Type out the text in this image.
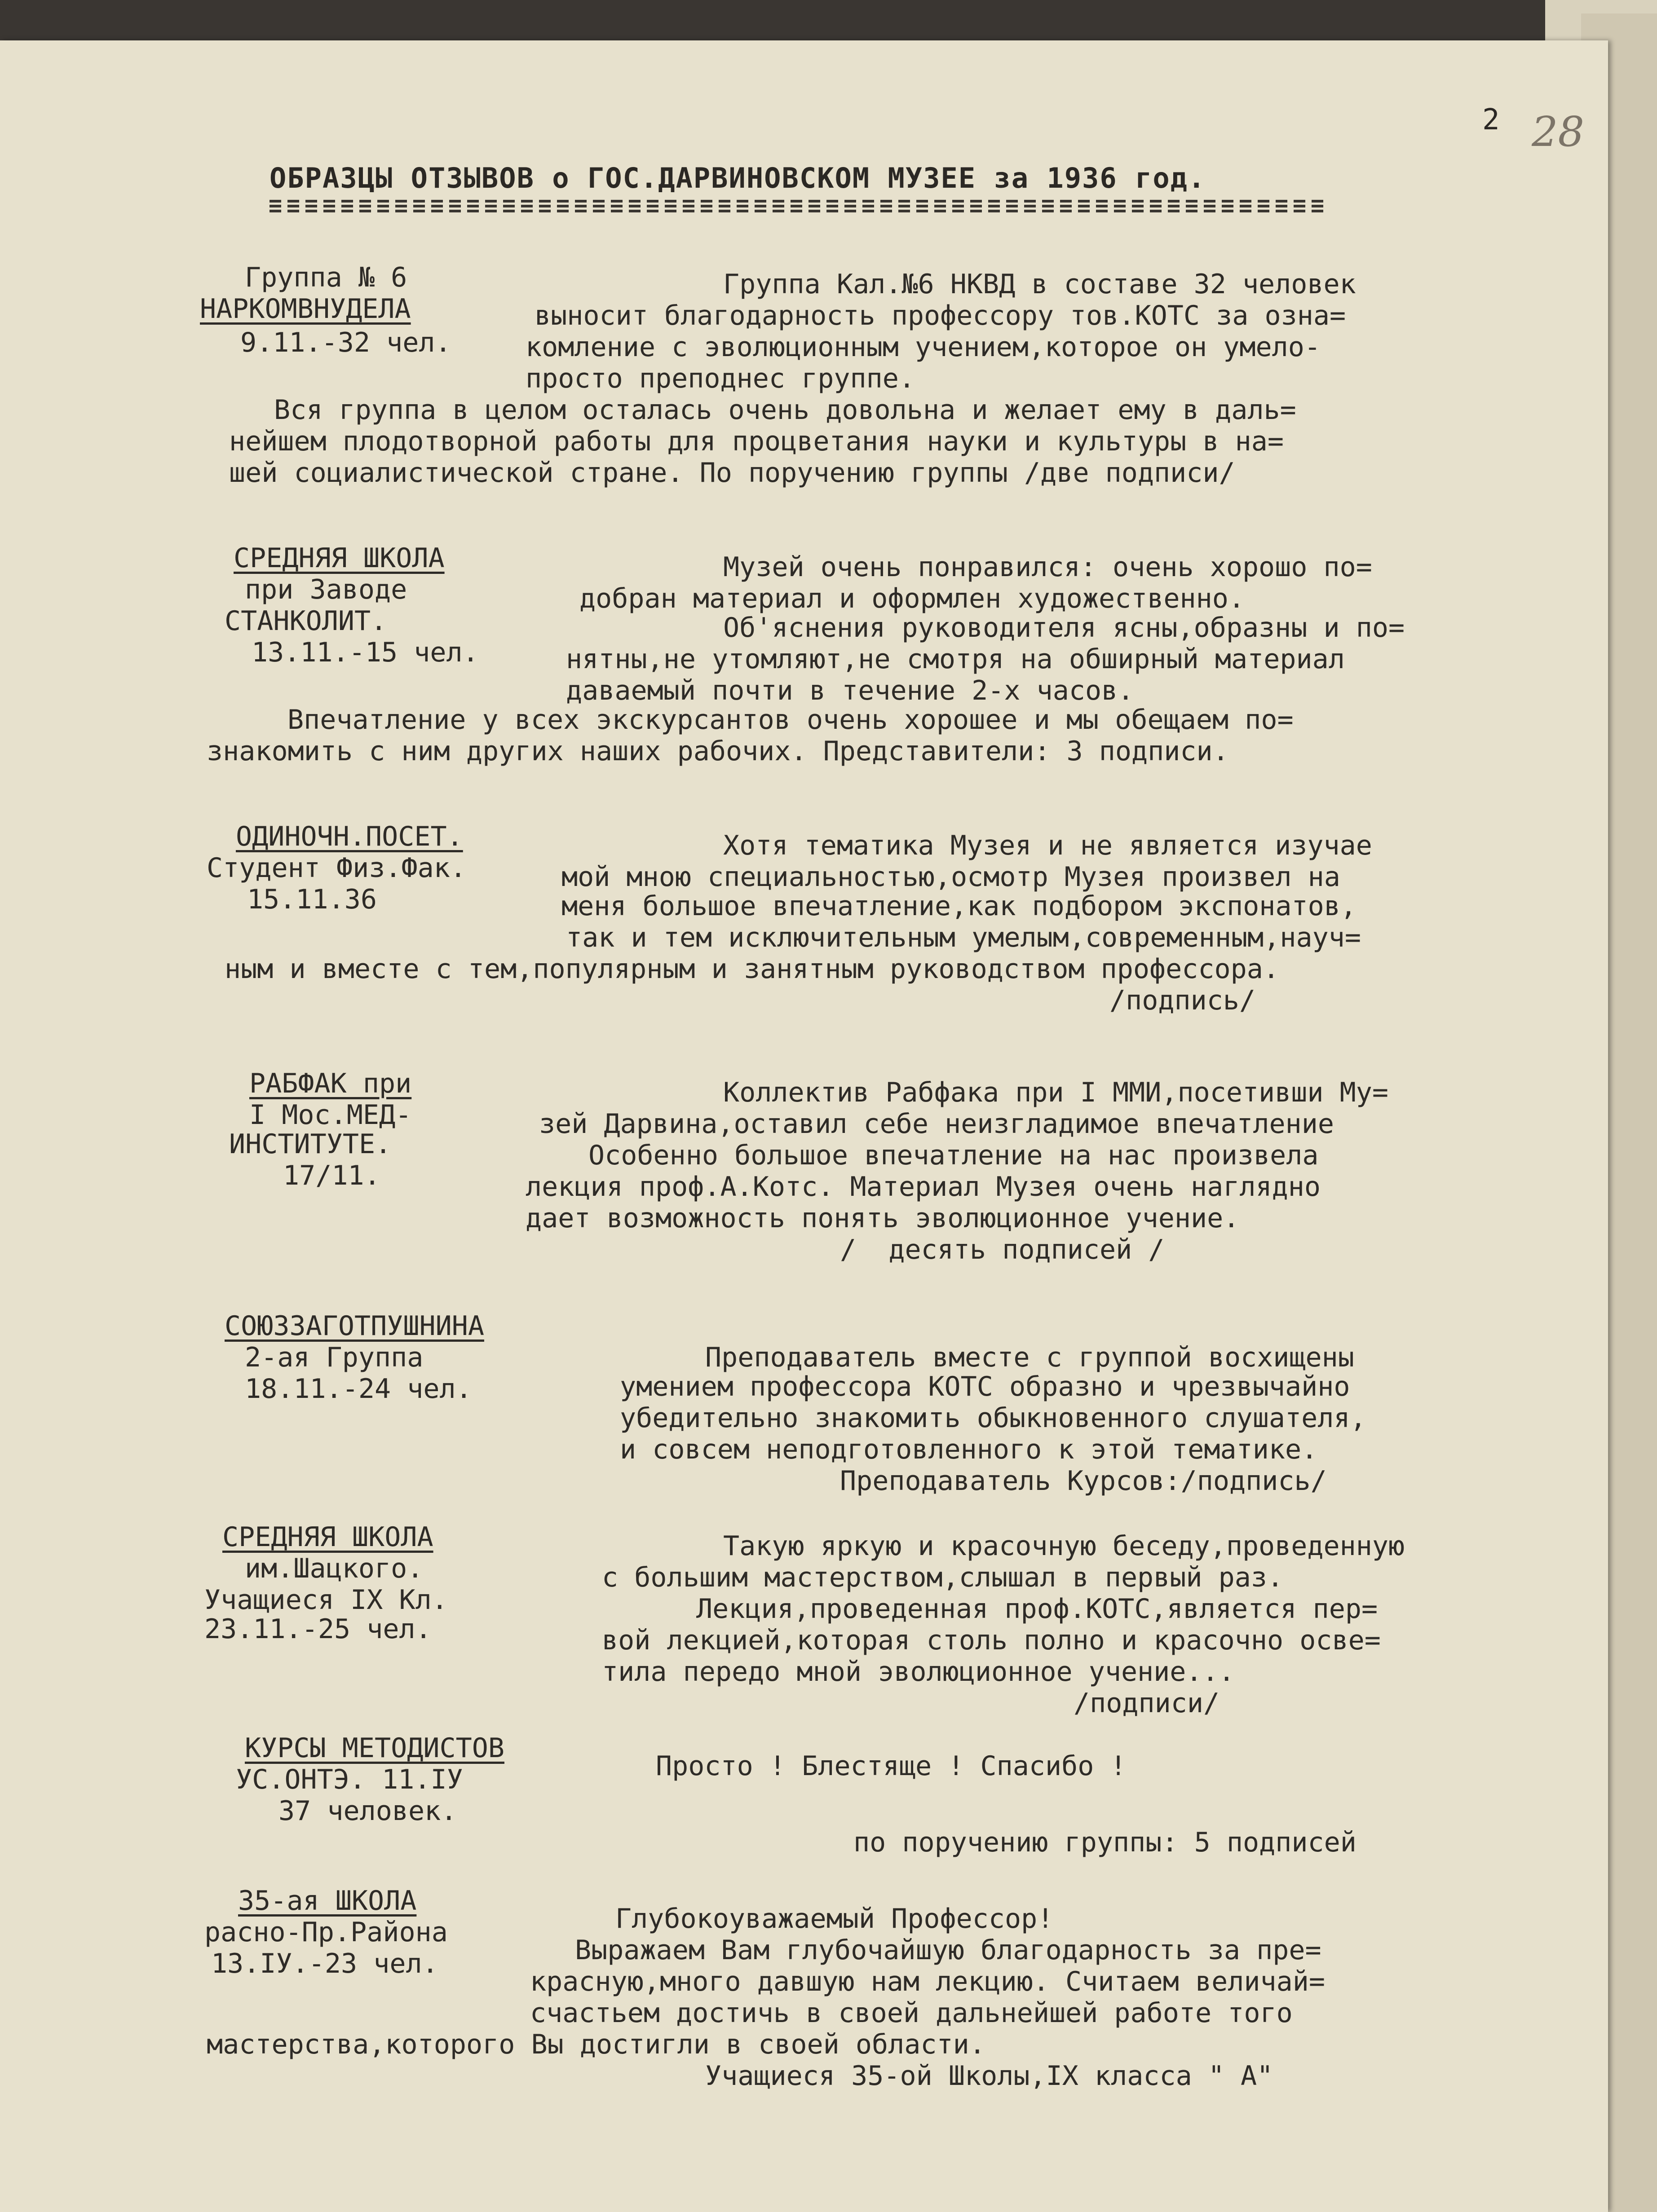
2 28
ОБРАЗЦЫ ОТЗЫВОВ о ГОС.ДАРВИНОВСКОМ МУЗЕЕ за 1936 год.
Группа № 6
НАРКОМВНУДЕЛА
9.11.-32 чел.
Группа Кал.№6 НКВД в составе 32 человек
выносит благодарность профессору тов.КОТС за озна=
комление с эволюционным учением,которое он умело-
просто преподнес группе.
Вся группа в целом осталась очень довольна и желает ему в даль=
нейшем плодотворной работы для процветания науки и культуры в на=
шей социалистической стране. По поручению группы /две подписи/
СРЕДНЯЯ ШКОЛА
при Заводе
СТАНКОЛИТ.
13.11.-15 чел.
Музей очень понравился: очень хорошо по=
добран материал и оформлен художественно.
Об'яснения руководителя ясны,образны и по=
нятны,не утомляют,не смотря на обширный материал
даваемый почти в течение 2-х часов.
Впечатление у всех экскурсантов очень хорошее и мы обещаем по=
знакомить с ним других наших рабочих. Представители: 3 подписи.
ОДИНОЧН.ПОСЕТ.
Студент Физ.Фак.
15.11.36
Хотя тематика Музея и не является изучае
мой мною специальностью,осмотр Музея произвел на
меня большое впечатление,как подбором экспонатов,
так и тем исключительным умелым,современным,науч=
ным и вместе с тем,популярным и занятным руководством профессора.
/подпись/
РАБФАК при
I Мос.МЕД-
ИНСТИТУТЕ.
17/11.
Коллектив Рабфака при I ММИ,посетивши Му=
зей Дарвина,оставил себе неизгладимое впечатление
Особенно большое впечатление на нас произвела
лекция проф.А.Котс. Материал Музея очень наглядно
дает возможность понять эволюционное учение.
/  десять подписей /
СОЮЗЗАГОТПУШНИНА
2-ая Группа
18.11.-24 чел.
Преподаватель вместе с группой восхищены
умением профессора КОТС образно и чрезвычайно
убедительно знакомить обыкновенного слушателя,
и совсем неподготовленного к этой тематике.
Преподаватель Курсов:/подпись/
СРЕДНЯЯ ШКОЛА
им.Шацкого.
Учащиеся IX Кл.
23.11.-25 чел.
Такую яркую и красочную беседу,проведенную
с большим мастерством,слышал в первый раз.
Лекция,проведенная проф.КОТС,является пер=
вой лекцией,которая столь полно и красочно осве=
тила передо мной эволюционное учение...
/подписи/
КУРСЫ МЕТОДИСТОВ
УС.ОНТЭ. 11.IУ
37 человек.
Просто ! Блестяще ! Спасибо !
по поручению группы: 5 подписей
35-ая ШКОЛА
расно-Пр.Района
13.IУ.-23 чел.
Глубокоуважаемый Профессор!
Выражаем Вам глубочайшую благодарность за пре=
красную,много давшую нам лекцию. Считаем величай=
счастьем достичь в своей дальнейшей работе того
мастерства,которого Вы достигли в своей области.
Учащиеся 35-ой Школы,IX класса " А"
